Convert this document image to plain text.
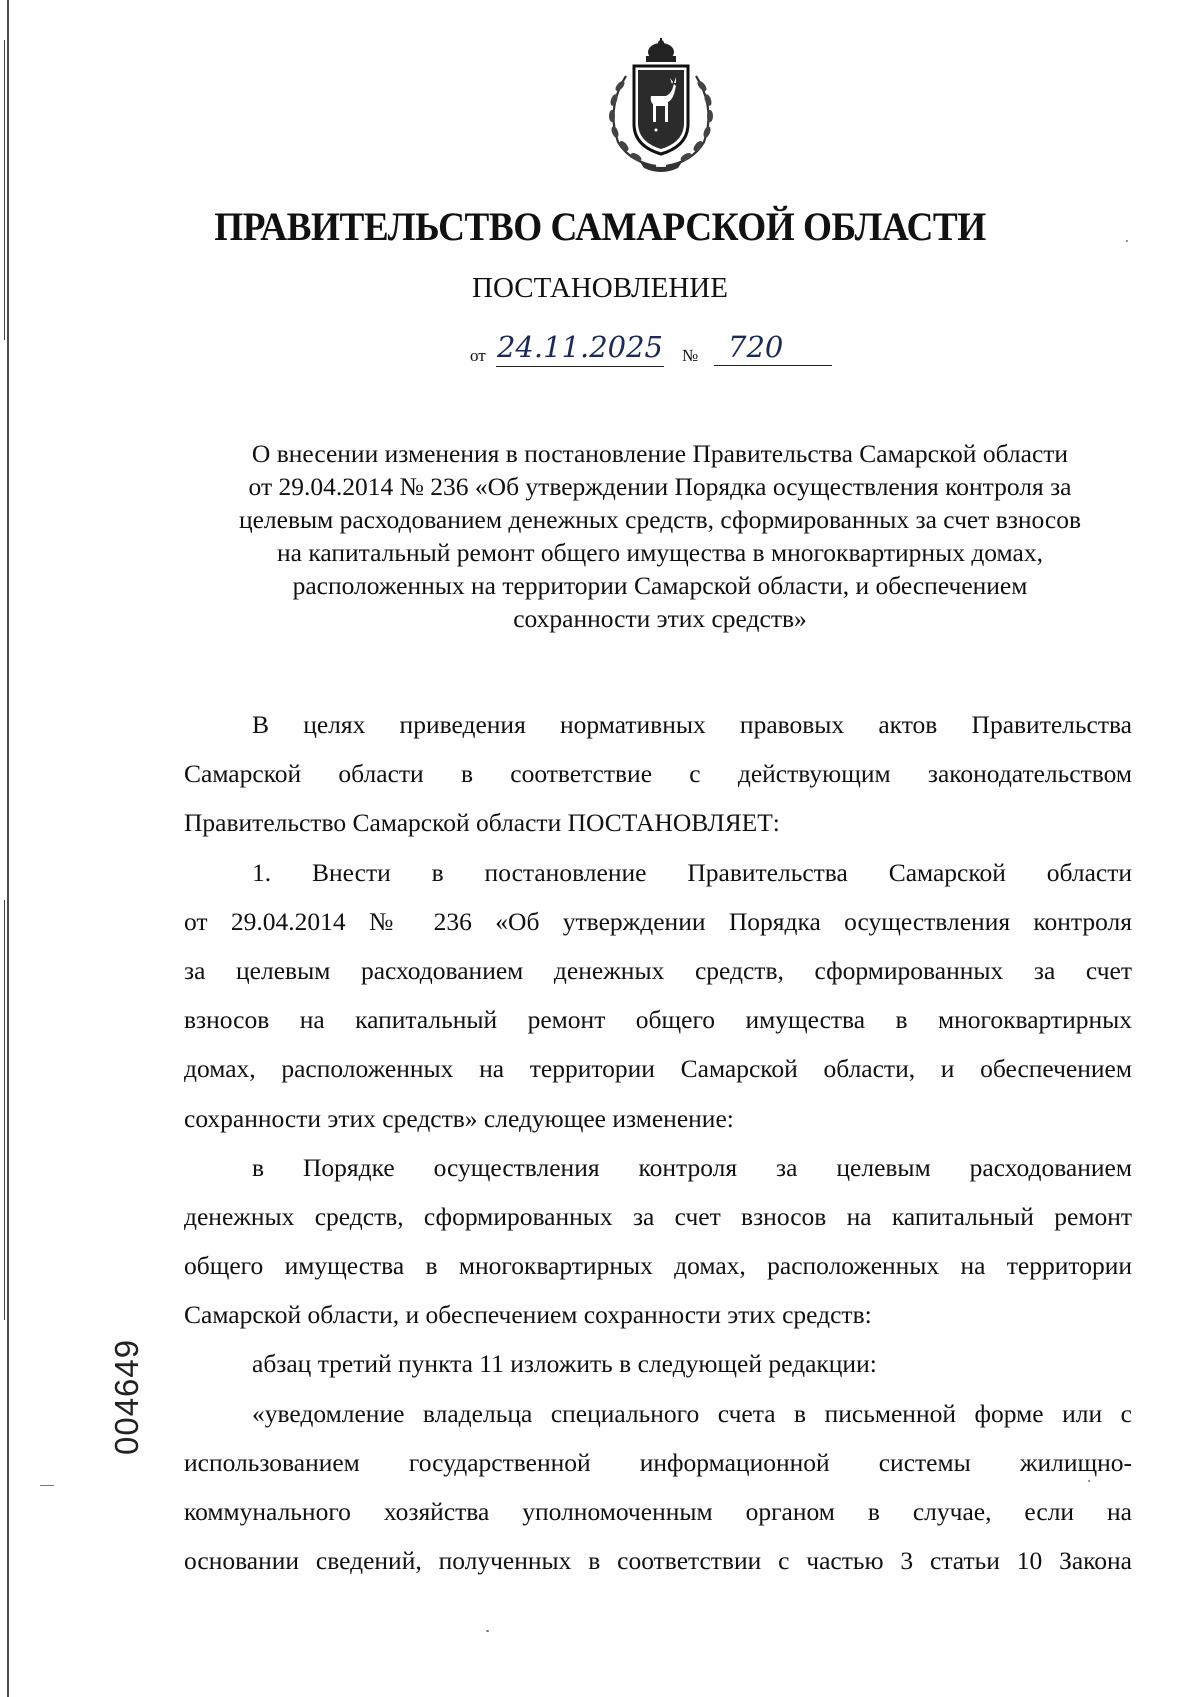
ПРАВИТЕЛЬСТВО САМАРСКОЙ ОБЛАСТИ
ПОСТАНОВЛЕНИЕ
от 24.11.2025 №	720
О внесении изменения в постановление Правительства Самарской области
от 29.04.2014 № 236 «Об утверждении Порядка осуществления контроля за
целевым расходованием денежных средств, сформированных за счет взносов
на капитальный ремонт общего имущества в многоквартирных домах,
расположенных на территории Самарской области, и обеспечением
сохранности этих средств»
В целях приведения нормативных правовых актов Правительства
Самарской области в соответствие с действующим законодательством
Правительство Самарской области ПОСТАНОВЛЯЕТ:
1. Внести в постановление Правительства Самарской области
от 29.04.2014 № 236 «Об утверждении Порядка осуществления контроля
за целевым расходованием денежных средств, сформированных за счет
взносов на капитальный ремонт общего имущества в многоквартирных
домах, расположенных на территории Самарской области, и обеспечением
сохранности этих средств» следующее изменение:
в Порядке осуществления контроля за целевым расходованием
денежных средств, сформированных за счет взносов на капитальный ремонт
общего имущества в многоквартирных домах, расположенных на территории
Самарской области, и обеспечением сохранности этих средств:
абзац третий пункта 11 изложить в следующей редакции:
«уведомление владельца специального счета в письменной форме или с
использованием государственной информационной системы жилищно-
коммунального хозяйства уполномоченным органом в случае, если на
основании сведений, полученных в соответствии с частью 3 статьи 10 Закона
004649
